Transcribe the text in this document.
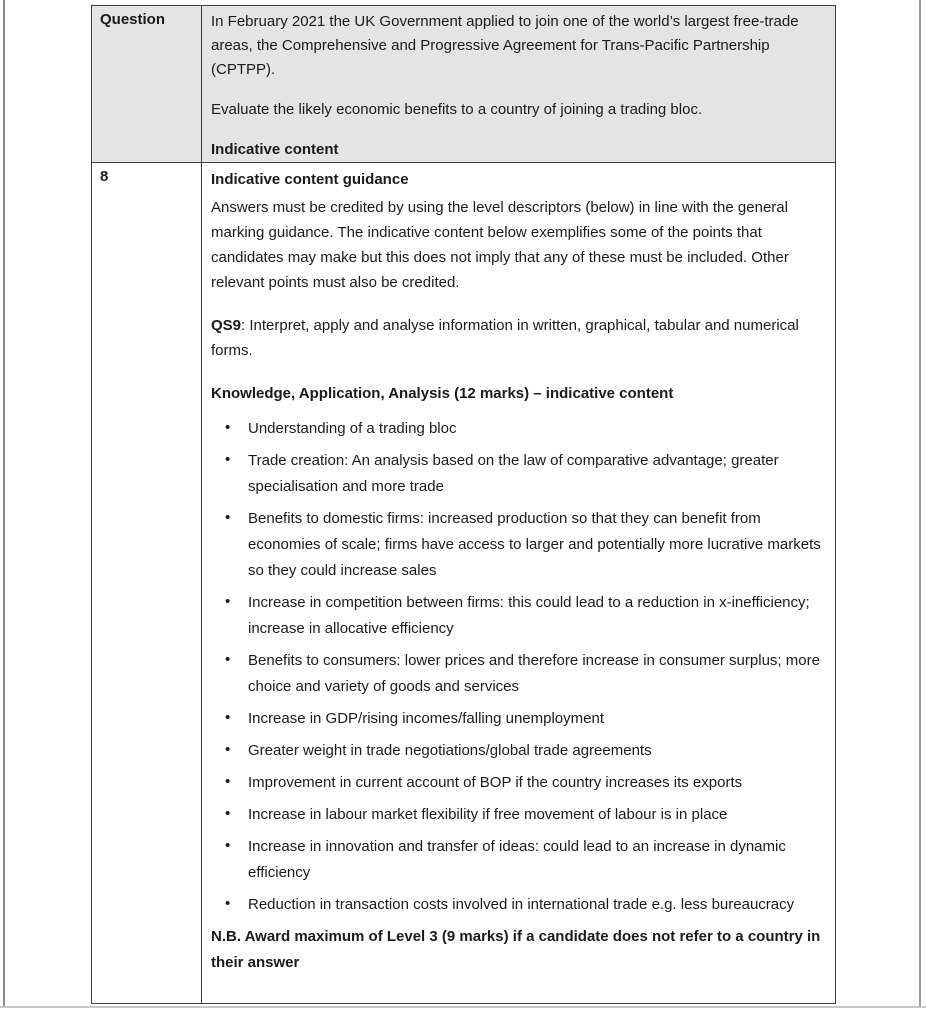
Question	In February 2021 the UK Government applied to join one of the world’s largest free-trade areas, the Comprehensive and Progressive Agreement for Trans-Pacific Partnership (CPTPP).

Evaluate the likely economic benefits to a country of joining a trading bloc.

Indicative content

8	Indicative content guidance

Answers must be credited by using the level descriptors (below) in line with the general marking guidance. The indicative content below exemplifies some of the points that candidates may make but this does not imply that any of these must be included. Other relevant points must also be credited.

QS9: Interpret, apply and analyse information in written, graphical, tabular and numerical forms.

Knowledge, Application, Analysis (12 marks) – indicative content

• Understanding of a trading bloc
• Trade creation: An analysis based on the law of comparative advantage; greater specialisation and more trade
• Benefits to domestic firms: increased production so that they can benefit from economies of scale; firms have access to larger and potentially more lucrative markets so they could increase sales
• Increase in competition between firms: this could lead to a reduction in x-inefficiency; increase in allocative efficiency
• Benefits to consumers: lower prices and therefore increase in consumer surplus; more choice and variety of goods and services
• Increase in GDP/rising incomes/falling unemployment
• Greater weight in trade negotiations/global trade agreements
• Improvement in current account of BOP if the country increases its exports
• Increase in labour market flexibility if free movement of labour is in place
• Increase in innovation and transfer of ideas: could lead to an increase in dynamic efficiency
• Reduction in transaction costs involved in international trade e.g. less bureaucracy

N.B. Award maximum of Level 3 (9 marks) if a candidate does not refer to a country in their answer
